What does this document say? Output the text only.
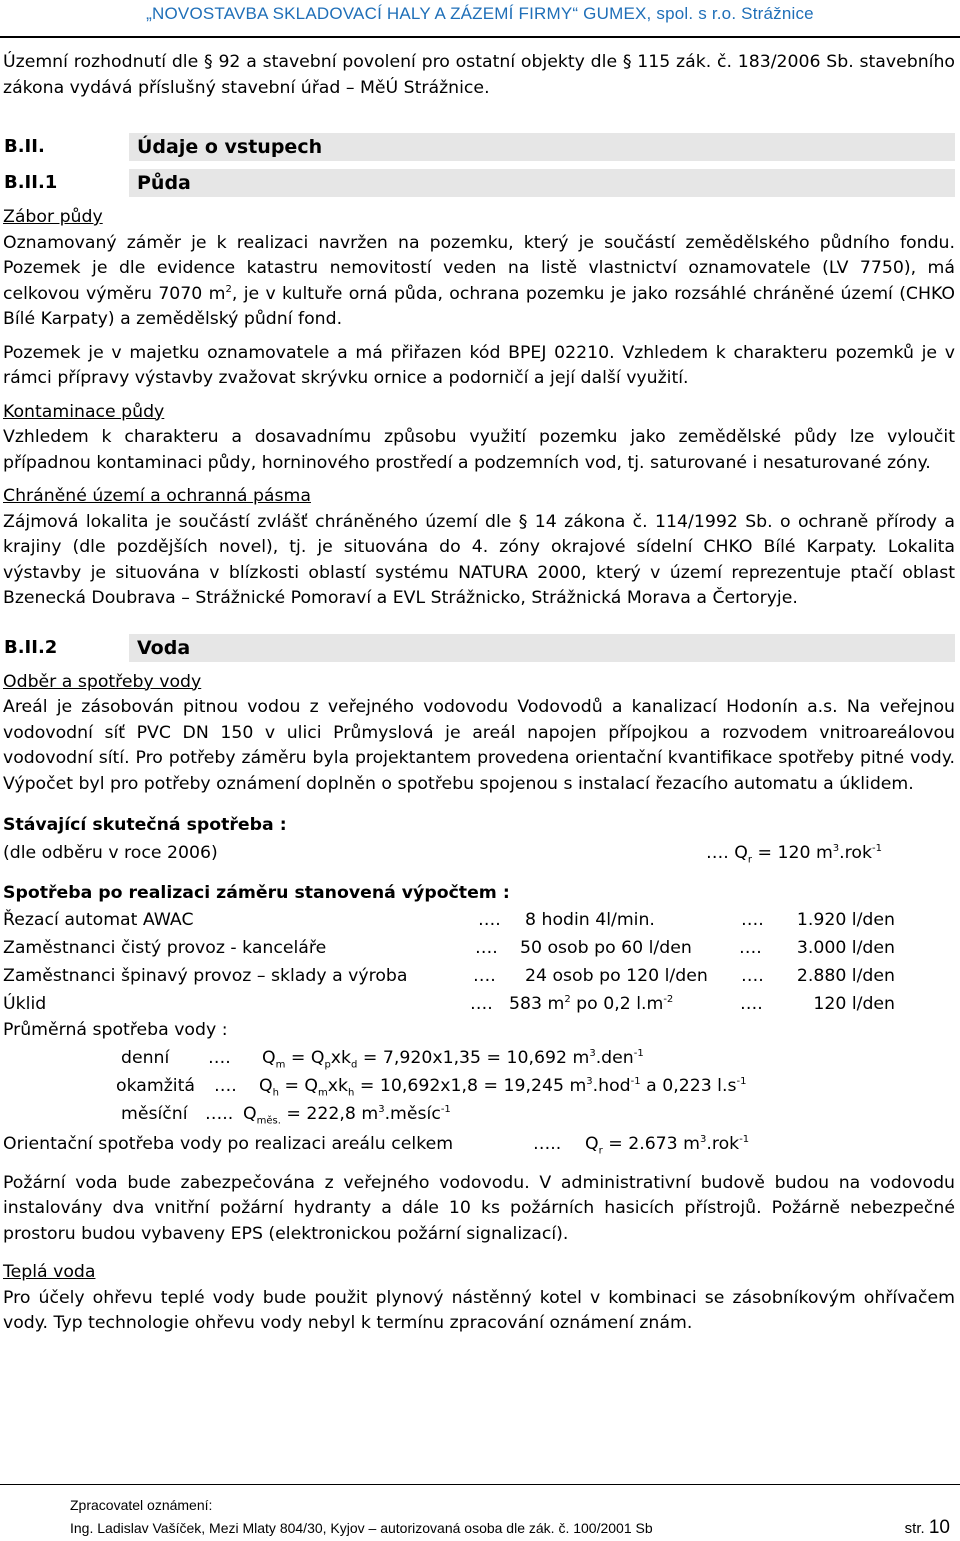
„NOVOSTAVBA SKLADOVACÍ HALY A ZÁZEMÍ FIRMY“ GUMEX, spol. s r.o. Strážnice

Územní rozhodnutí dle § 92 a stavební povolení pro ostatní objekty dle § 115 zák. č. 183/2006 Sb. stavebního zákona vydává příslušný stavební úřad – MěÚ Strážnice.

B.II.	Údaje o vstupech
B.II.1	Půda

Zábor půdy

Oznamovaný záměr je k realizaci navržen na pozemku, který je součástí zemědělského půdního fondu. Pozemek je dle evidence katastru nemovitostí veden na listě vlastnictví oznamovatele (LV 7750), má celkovou výměru 7070 $m^2$, je v kultuře orná půda, ochrana pozemku je jako rozsáhlé chráněné území (CHKO Bílé Karpaty) a zemědělský půdní fond.

Pozemek je v majetku oznamovatele a má přiřazen kód BPEJ 02210. Vzhledem k charakteru pozemků je v rámci přípravy výstavby zvažovat skrývku ornice a podorničí a její další využití.

Kontaminace půdy

Vzhledem k charakteru a dosavadnímu způsobu využití pozemku jako zemědělské půdy lze vyloučit případnou kontaminaci půdy, horninového prostředí a podzemních vod, tj. saturované i nesaturované zóny.

Chráněné území a ochranná pásma

Zájmová lokalita je součástí zvlášť chráněného území dle § 14 zákona č. 114/1992 Sb. o ochraně přírody a krajiny (dle pozdějších novel), tj. je situována do 4. zóny okrajové sídelní CHKO Bílé Karpaty. Lokalita výstavby je situována v blízkosti oblastí systému NATURA 2000, který v území reprezentuje ptačí oblast Bzenecká Doubrava – Strážnické Pomoraví a EVL Strážnicko, Strážnická Morava a Čertoryje.

B.II.2	Voda

Odběr a spotřeby vody

Areál je zásobován pitnou vodou z veřejného vodovodu Vodovodů a kanalizací Hodonín a.s. Na veřejnou vodovodní síť PVC DN 150 v ulici Průmyslová je areál napojen přípojkou a rozvodem vnitroareálovou vodovodní sítí. Pro potřeby záměru byla projektantem provedena orientační kvantifikace spotřeby pitné vody. Výpočet byl pro potřeby oznámení doplněn o spotřebu spojenou s instalací řezacího automatu a úklidem.

Stávající skutečná spotřeba :

(dle odběru v roce 2006)	…. $Q_r = 120$ $m^3.rok^{-1}$

Spotřeba po realizaci záměru stanovená výpočtem :

Řezací automat AWAC	…. 8 hodin 4l/min.	…. 1.920 l/den
Zaměstnanci čistý provoz - kanceláře	…. 50 osob po 60 l/den	…. 3.000 l/den
Zaměstnanci špinavý provoz – sklady a výroba	…. 24 osob po 120 l/den …. 2.880 l/den
Úklid	…. 583 $m^2$ po 0,2 $l.m^{-2}$	….	120 l/den

Průměrná spotřeba vody :

denní …. $Q_m = Q_pxk_d = 7,920x1,35 = 10,692$ $m^3.den^{-1}$
okamžitá …. $Q_h = Q_mxk_h = 10,692x1,8 = 19,245$ $m^3.hod^{-1}$ a 0,223 $l.s^{-1}$
měsíční ….. $Q_{měs.} = 222,8$ $m^3.měsíc^{-1}$
Orientační spotřeba vody po realizaci areálu celkem	….. $Q_r = 2.673$ $m^3.rok^{-1}$

Požární voda bude zabezpečována z veřejného vodovodu. V administrativní budově budou na vodovodu instalovány dva vnitřní požární hydranty a dále 10 ks požárních hasicích přístrojů. Požárně nebezpečné prostoru budou vybaveny EPS (elektronickou požární signalizací).

Teplá voda

Pro účely ohřevu teplé vody bude použit plynový nástěnný kotel v kombinaci se zásobníkovým ohřívačem vody. Typ technologie ohřevu vody nebyl k termínu zpracování oznámení znám.

Zpracovatel oznámení:
Ing. Ladislav Vašíček, Mezi Mlaty 804/30, Kyjov – autorizovaná osoba dle zák. č. 100/2001 Sb	str. 10
